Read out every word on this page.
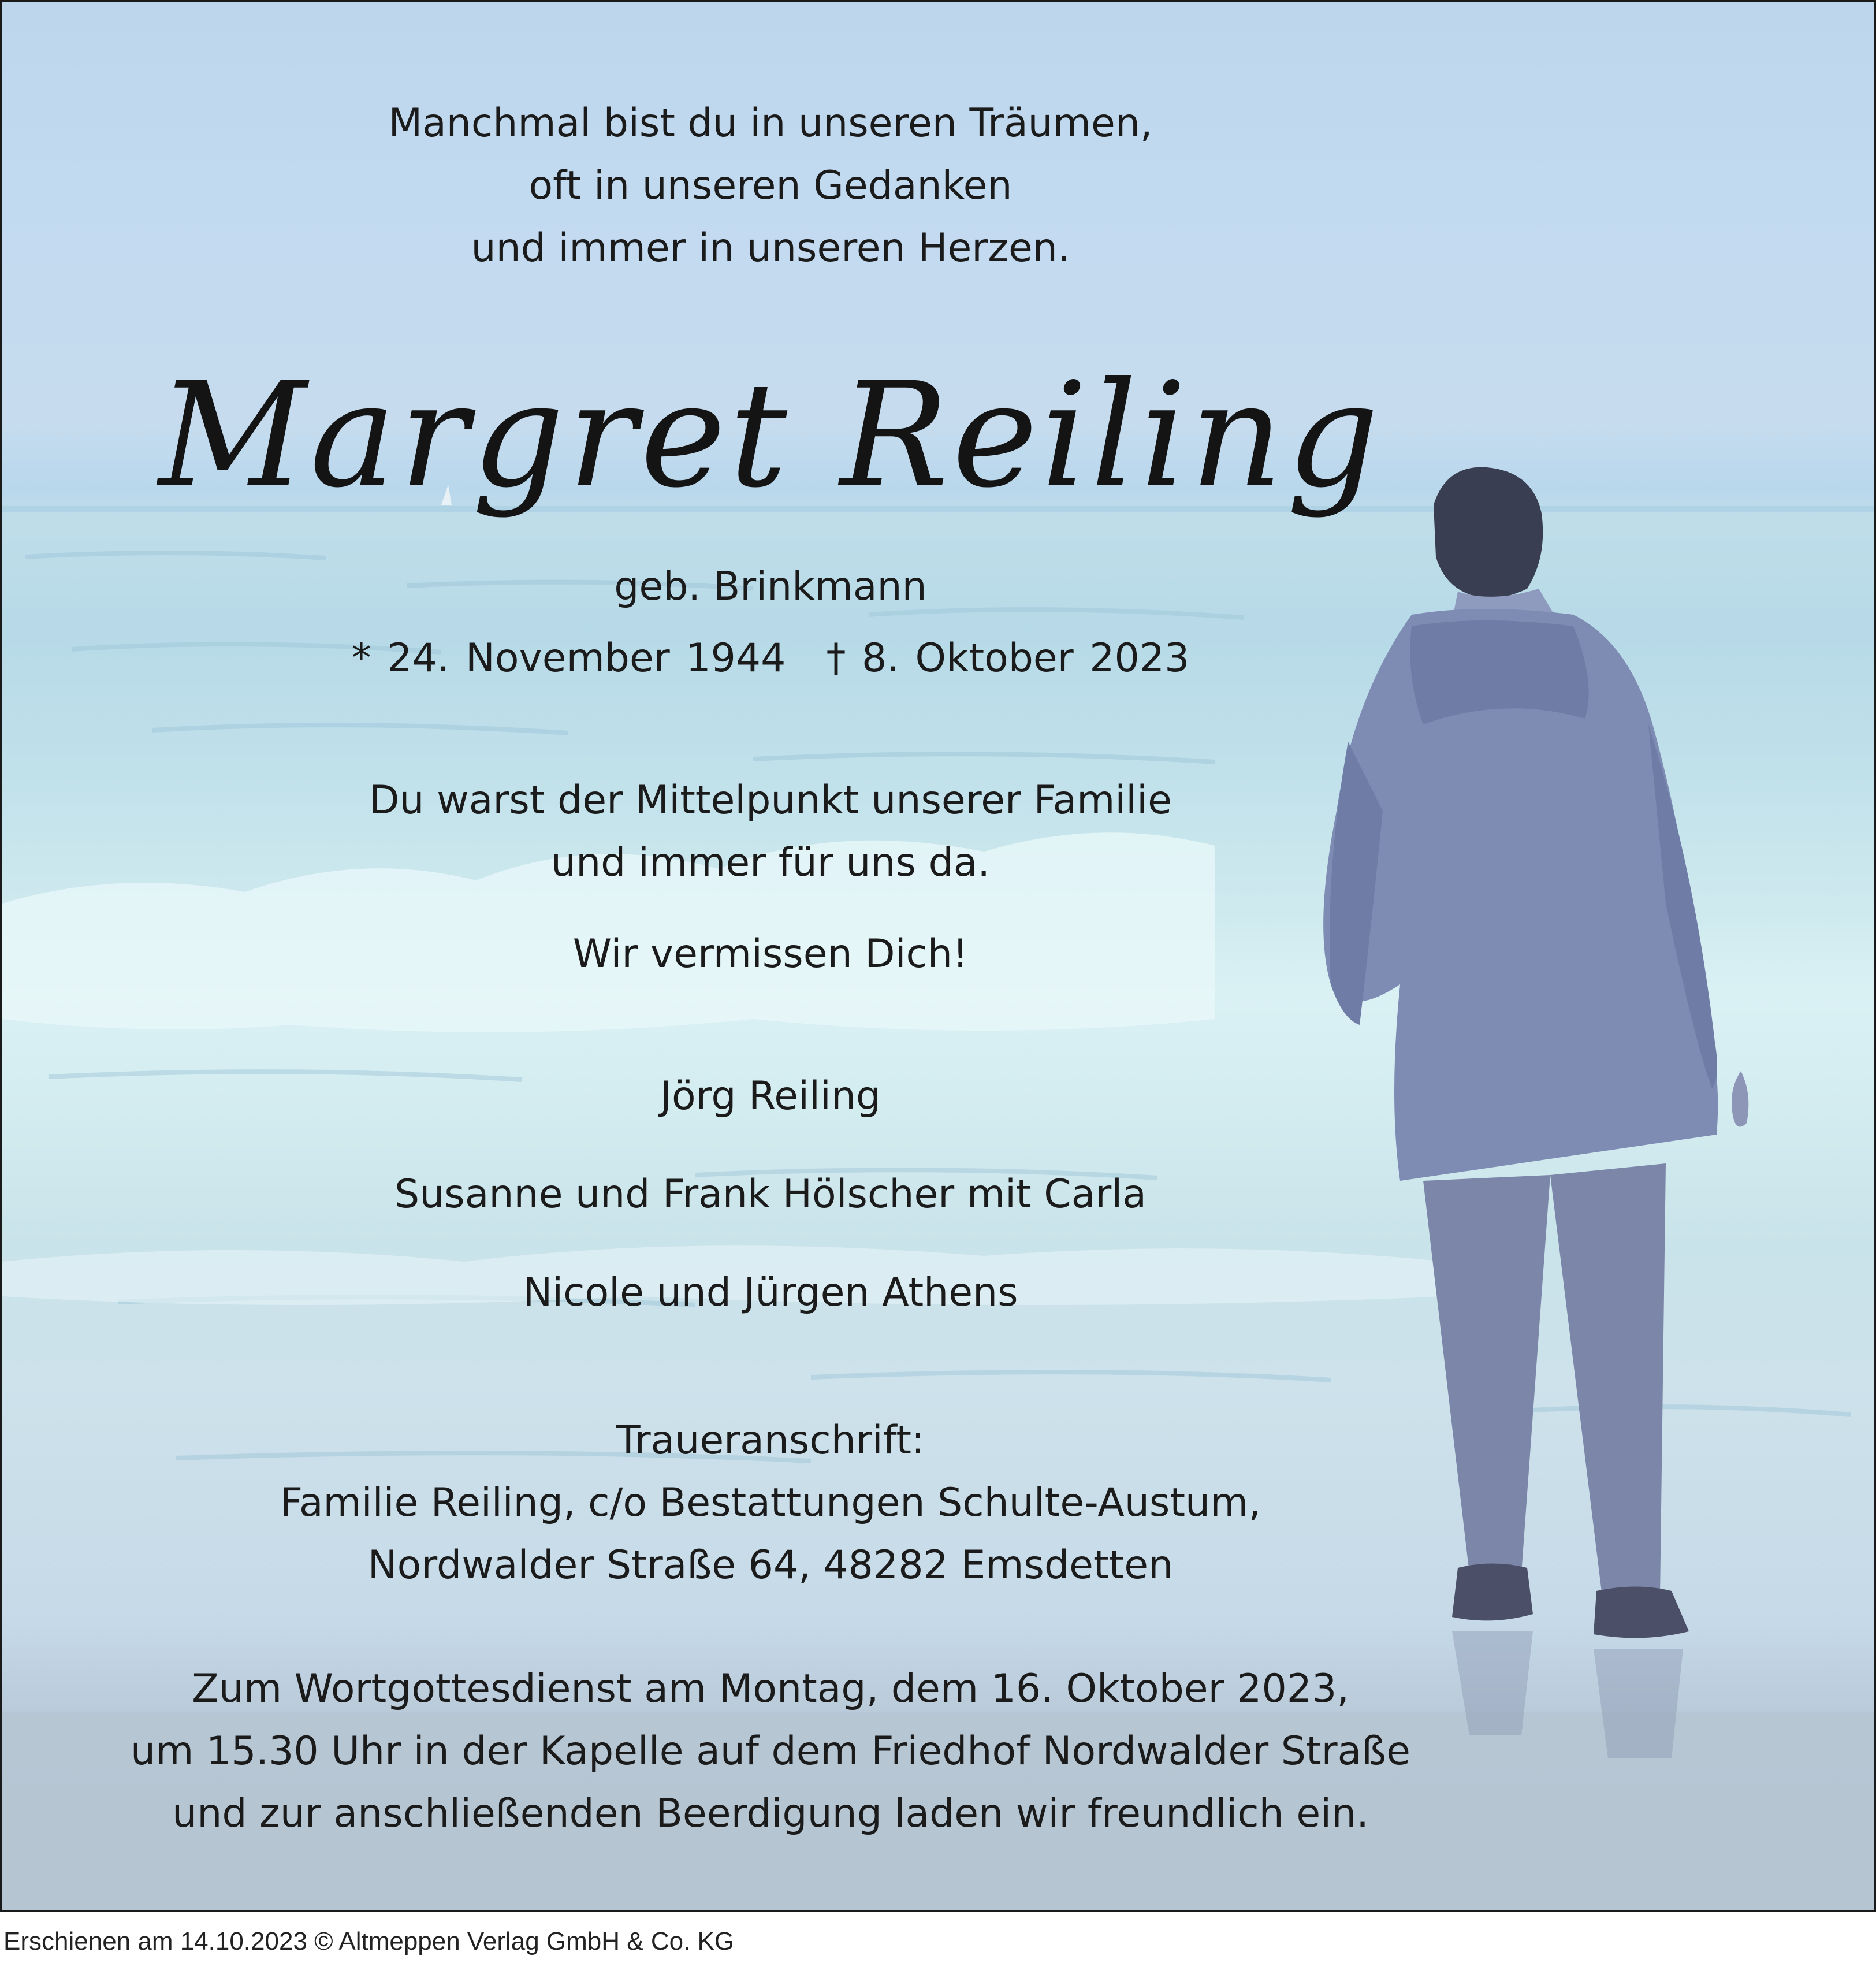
Manchmal bist du in unseren Träumen,

oft in unseren Gedanken

und immer in unseren Herzen.

Margret Reiling

geb. Brinkmann

* 24. November 1944 † 8. Oktober 2023

Du warst der Mittelpunkt unserer Familie

und immer für uns da.

Wir vermissen Dich!

Jörg Reiling

Susanne und Frank Hölscher mit Carla

Nicole und Jürgen Athens

Traueranschrift:

Familie Reiling, c/o Bestattungen Schulte-Austum,

Nordwalder Straße 64, 48282 Emsdetten

Zum Wortgottesdienst am Montag, dem 16. Oktober 2023,

um 15.30 Uhr in der Kapelle auf dem Friedhof Nordwalder Straße

und zur anschließenden Beerdigung laden wir freundlich ein.

Erschienen am 14.10.2023 © Altmeppen Verlag GmbH & Co. KG
